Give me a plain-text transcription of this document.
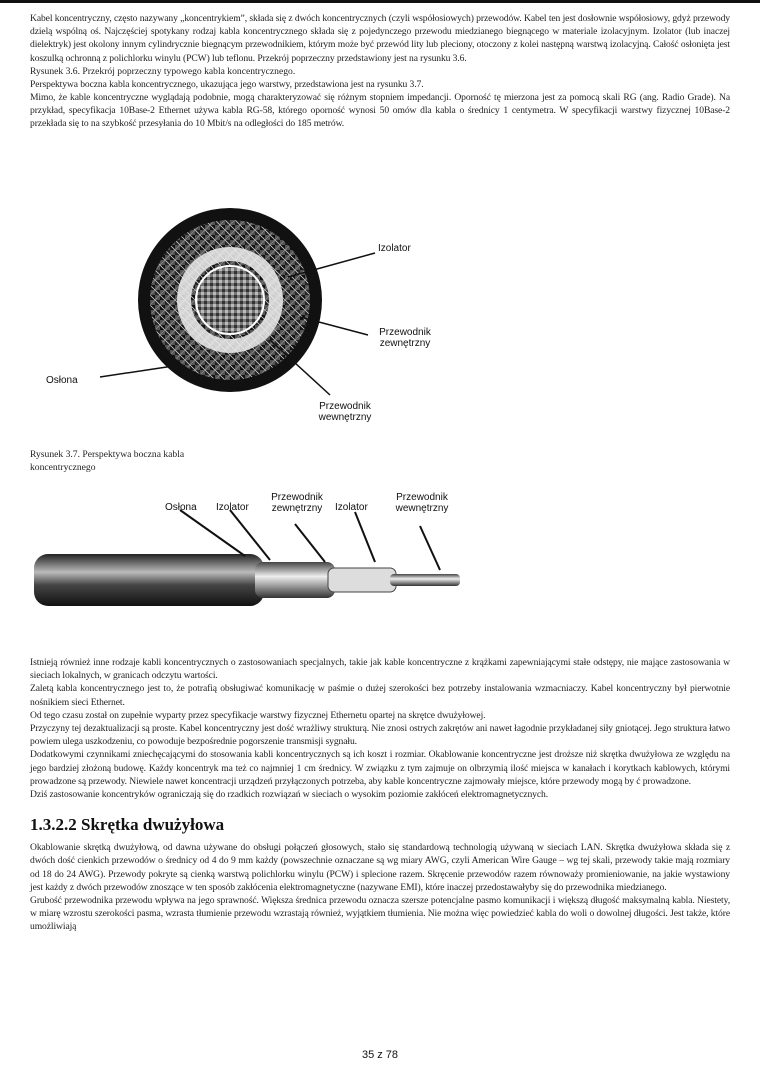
Kabel koncentryczny, często nazywany „koncentrykiem”, składa się z dwóch koncentrycznych (czyli współosiowych) przewodów. Kabel ten jest dosłownie współosiowy, gdyż przewody dzielą wspólną oś. Najczęściej spotykany rodzaj kabla koncentrycznego składa się z pojedynczego przewodu miedzianego biegnącego w materiale izolacyjnym. Izolator (lub inaczej dielektryk) jest okolony innym cylindrycznie biegnącym przewodnikiem, którym może być przewód lity lub pleciony, otoczony z kolei następną warstwą izolacyjną. Całość osłonięta jest koszulką ochronną z polichlorku winylu (PCW) lub teflonu. Przekrój poprzeczny przedstawiony jest na rysunku 3.6.

Rysunek 3.6. Przekrój poprzeczny typowego kabla koncentrycznego.

Perspektywa boczna kabla koncentrycznego, ukazująca jego warstwy, przedstawiona jest na rysunku 3.7.

Mimo, że kable koncentryczne wyglądają podobnie, mogą charakteryzować się różnym stopniem impedancji. Oporność tę mierzona jest za pomocą skali RG (ang. Radio Grade). Na przykład, specyfikacja 10Base-2 Ethernet używa kabla RG-58, którego oporność wynosi 50 omów dla kabla o średnicy 1 centymetra. W specyfikacji warstwy fizycznej 10Base-2 przekłada się to na szybkość przesyłania do 10 Mbit/s na odległości do 185 metrów.

Izolator
Przewodnik zewnętrzny
Osłona
Przewodnik wewnętrzny

Rysunek 3.7. Perspektywa boczna kabla koncentrycznego

Osłona Izolator
Przewodnik zewnętrzny	Izolator
Przewodnik wewnętrzny

Istnieją również inne rodzaje kabli koncentrycznych o zastosowaniach specjalnych, takie jak kable koncentryczne z krążkami zapewniającymi stałe odstępy, nie mające zastosowania w sieciach lokalnych, w granicach odczytu wartości.

Zaletą kabla koncentrycznego jest to, że potrafią obsługiwać komunikację w paśmie o dużej szerokości bez potrzeby instalowania wzmacniaczy. Kabel koncentryczny był pierwotnie nośnikiem sieci Ethernet.

Od tego czasu został on zupełnie wyparty przez specyfikacje warstwy fizycznej Ethernetu opartej na skrętce dwużyłowej.

Przyczyny tej dezaktualizacji są proste. Kabel koncentryczny jest dość wrażliwy strukturą. Nie znosi ostrych zakrętów ani nawet łagodnie przykładanej siły gniotącej. Jego struktura łatwo powiem ulega uszkodzeniu, co powoduje bezpośrednie pogorszenie transmisji sygnału.

Dodatkowymi czynnikami zniechęcającymi do stosowania kabli koncentrycznych są ich koszt i rozmiar. Okablowanie koncentryczne jest droższe niż skrętka dwużyłowa ze względu na jego bardziej złożoną budowę. Każdy koncentryk ma też co najmniej 1 cm średnicy. W związku z tym zajmuje on olbrzymią ilość miejsca w kanałach i korytkach kablowych, którymi prowadzone są przewody. Niewiele nawet koncentracji urządzeń przyłączonych potrzeba, aby kable koncentryczne zajmowały miejsce, które przewody mogą by ć prowadzone.

Dziś zastosowanie koncentryków ograniczają się do rzadkich rozwiązań w sieciach o wysokim poziomie zakłóceń elektromagnetycznych.

1.3.2.2 Skrętka dwużyłowa

Okablowanie skrętką dwużyłową, od dawna używane do obsługi połączeń głosowych, stało się standardową technologią używaną w sieciach LAN. Skrętka dwużyłowa składa się z dwóch dość cienkich przewodów o średnicy od 4 do 9 mm każdy (powszechnie oznaczane są wg miary AWG, czyli American Wire Gauge – wg tej skali, przewody takie mają rozmiary od 18 do 24 AWG). Przewody pokryte są cienką warstwą polichlorku winylu (PCW) i splecione razem. Skręcenie przewodów razem równoważy promieniowanie, na jakie wystawiony jest każdy z dwóch przewodów znoszące w ten sposób zakłócenia elektromagnetyczne (nazywane EMI), które inaczej przedostawałyby się do przewodnika miedzianego.

Grubość przewodnika przewodu wpływa na jego sprawność. Większa średnica przewodu oznacza szersze potencjalne pasmo komunikacji i większą długość maksymalną kabla. Niestety, w miarę wzrostu szerokości pasma, wzrasta tłumienie przewodu wzrastają również, wyjątkiem tłumienia. Nie można więc powiedzieć kabla do woli o dowolnej długości. Jest także, które umożliwiają

35 z 78
